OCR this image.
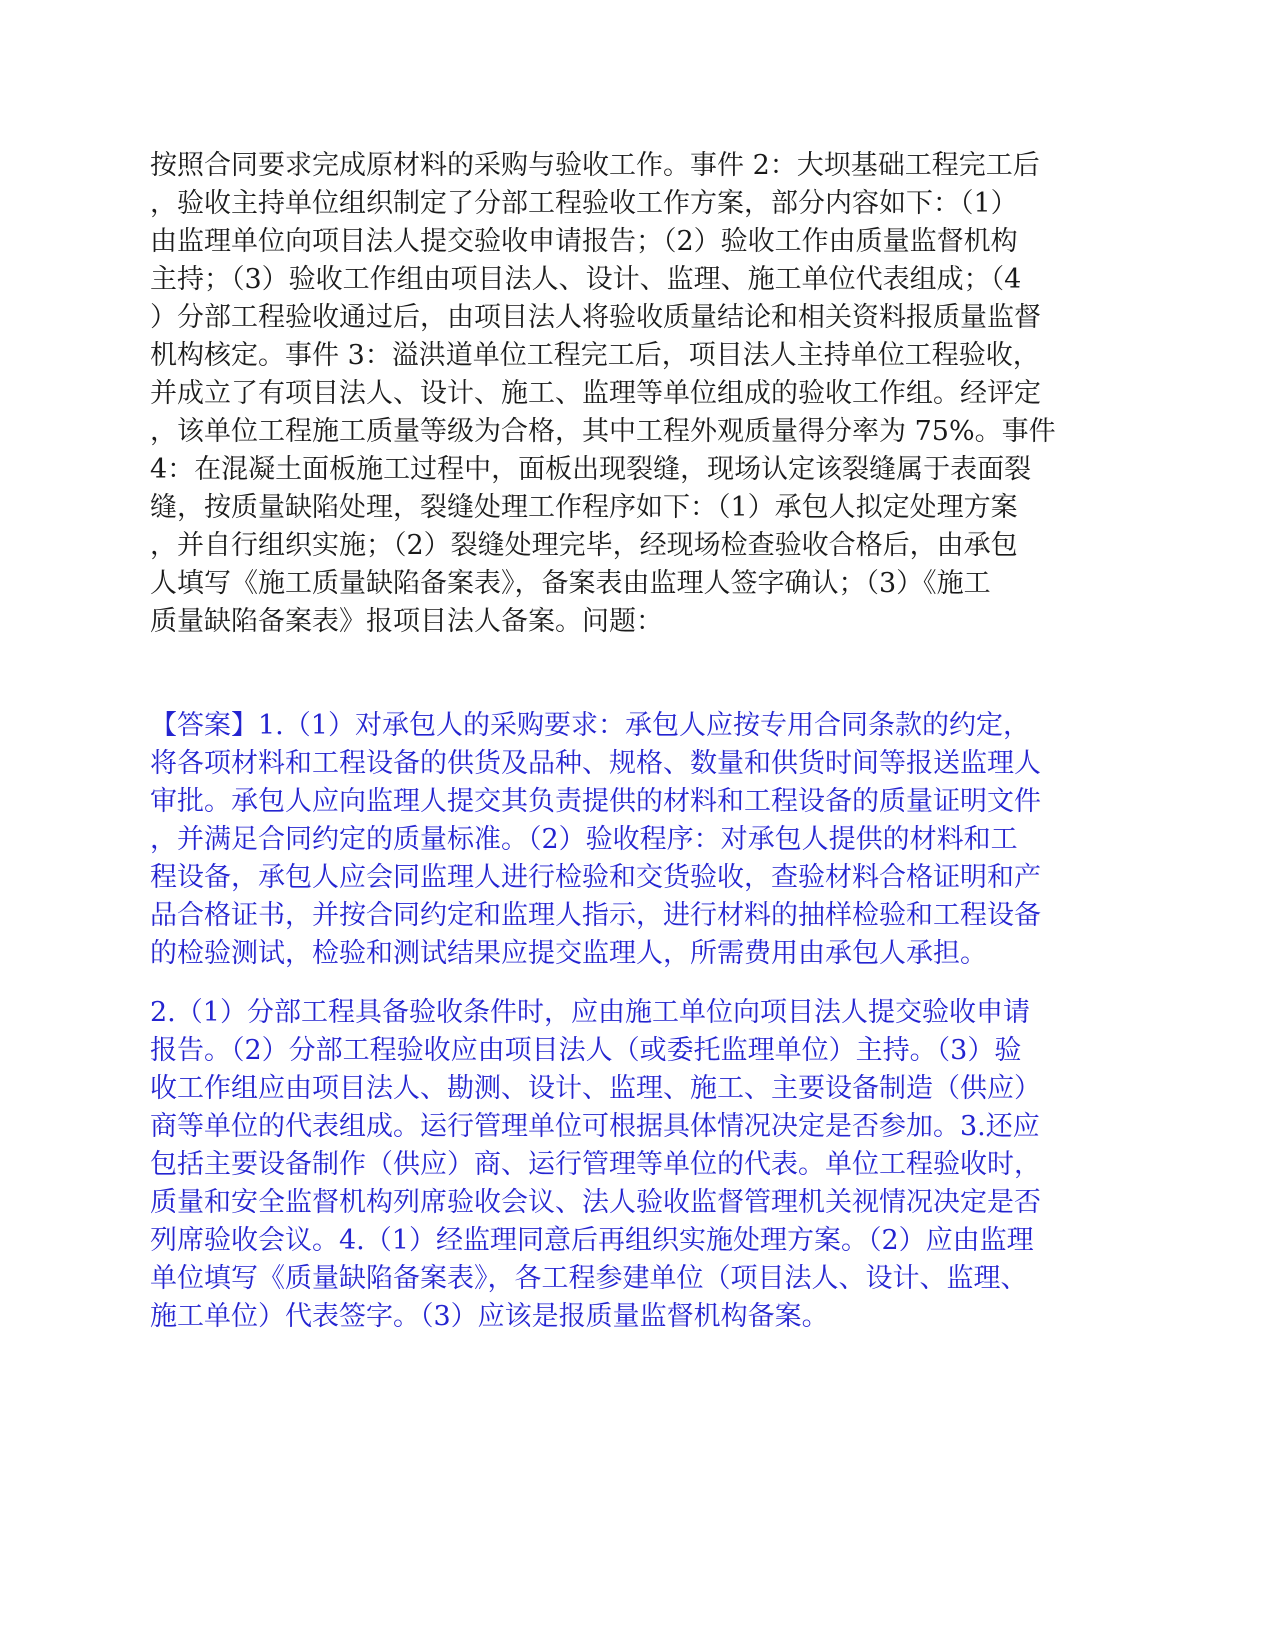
按照合同要求完成原材料的采购与验收工作。事件 2：大坝基础工程完工后

，验收主持单位组织制定了分部工程验收工作方案，部分内容如下：（1）

由监理单位向项目法人提交验收申请报告；（2）验收工作由质量监督机构

主持；（3）验收工作组由项目法人、设计、监理、施工单位代表组成；（4

）分部工程验收通过后，由项目法人将验收质量结论和相关资料报质量监督

机构核定。事件 3：溢洪道单位工程完工后，项目法人主持单位工程验收，

并成立了有项目法人、设计、施工、监理等单位组成的验收工作组。经评定

，该单位工程施工质量等级为合格，其中工程外观质量得分率为 75%。事件

4：在混凝土面板施工过程中，面板出现裂缝，现场认定该裂缝属于表面裂

缝，按质量缺陷处理，裂缝处理工作程序如下：（1）承包人拟定处理方案

，并自行组织实施；（2）裂缝处理完毕，经现场检查验收合格后，由承包

人填写《施工质量缺陷备案表》，备案表由监理人签字确认；（3）《施工

质量缺陷备案表》报项目法人备案。问题：

【答案】1.（1）对承包人的采购要求：承包人应按专用合同条款的约定，

将各项材料和工程设备的供货及品种、规格、数量和供货时间等报送监理人

审批。承包人应向监理人提交其负责提供的材料和工程设备的质量证明文件

，并满足合同约定的质量标准。（2）验收程序：对承包人提供的材料和工

程设备，承包人应会同监理人进行检验和交货验收，查验材料合格证明和产

品合格证书，并按合同约定和监理人指示，进行材料的抽样检验和工程设备

的检验测试，检验和测试结果应提交监理人，所需费用由承包人承担。

2.（1）分部工程具备验收条件时，应由施工单位向项目法人提交验收申请

报告。（2）分部工程验收应由项目法人（或委托监理单位）主持。（3）验

收工作组应由项目法人、勘测、设计、监理、施工、主要设备制造（供应）

商等单位的代表组成。运行管理单位可根据具体情况决定是否参加。3.还应

包括主要设备制作（供应）商、运行管理等单位的代表。单位工程验收时，

质量和安全监督机构列席验收会议、法人验收监督管理机关视情况决定是否

列席验收会议。4.（1）经监理同意后再组织实施处理方案。（2）应由监理

单位填写《质量缺陷备案表》，各工程参建单位（项目法人、设计、监理、

施工单位）代表签字。（3）应该是报质量监督机构备案。
